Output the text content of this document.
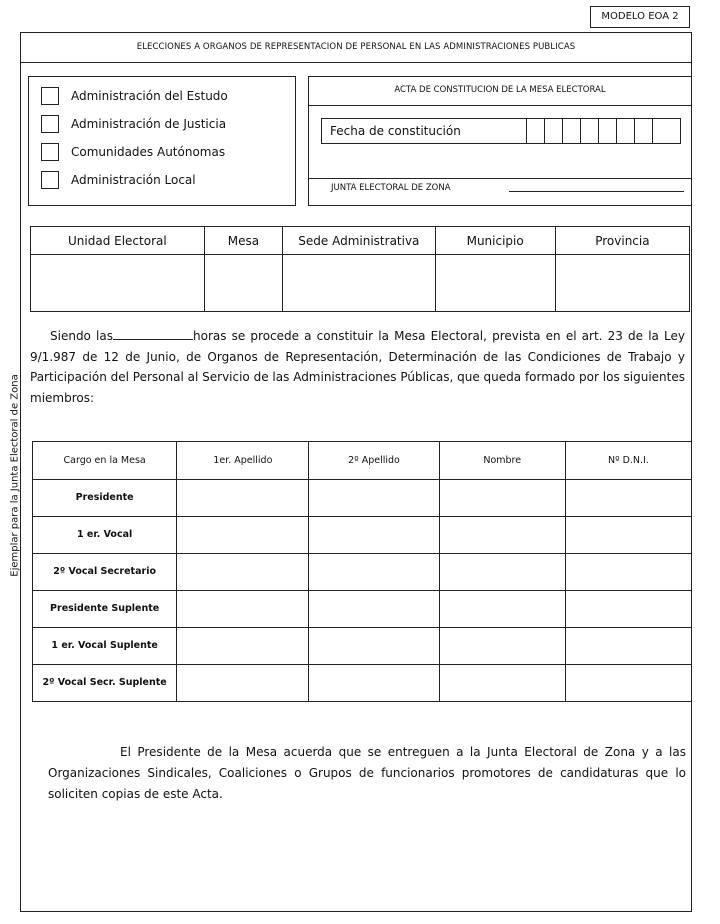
MODELO EOA 2
ELECCIONES A ORGANOS DE REPRESENTACION DE PERSONAL EN LAS ADMINISTRACIONES PUBLICAS
Ejemplar para la Junta Electoral de Zona
Administración del Estudo
Administración de Justicia
Comunidades Autónomas
Administración Local
ACTA DE CONSTITUCION DE LA MESA ELECTORAL
Fecha de constitución
JUNTA ELECTORAL DE ZONA
Unidad Electoral	Mesa	Sede Administrativa	Municipio	Provincia

Siendo las	horas se procede a constituir la Mesa Electoral, prevista en el art. 23 de la Ley 9/1.987 de 12 de Junio, de Organos de Representación, Determinación de las Condiciones de Trabajo y Participación del Personal al Servicio de las Administraciones Públicas, que queda formado por los siguientes miembros:
Cargo en la Mesa	1er. Apellido	2º Apellido	Nombre	Nº D.N.I.
Presidente				
1 er. Vocal				
2º Vocal Secretario				
Presidente Suplente				
1 er. Vocal Suplente				
2º Vocal Secr. Suplente				
El Presidente de la Mesa acuerda que se entreguen a la Junta Electoral de Zona y a las Organizaciones Sindicales, Coaliciones o Grupos de funcionarios promotores de candidaturas que lo soliciten copias de este Acta.
